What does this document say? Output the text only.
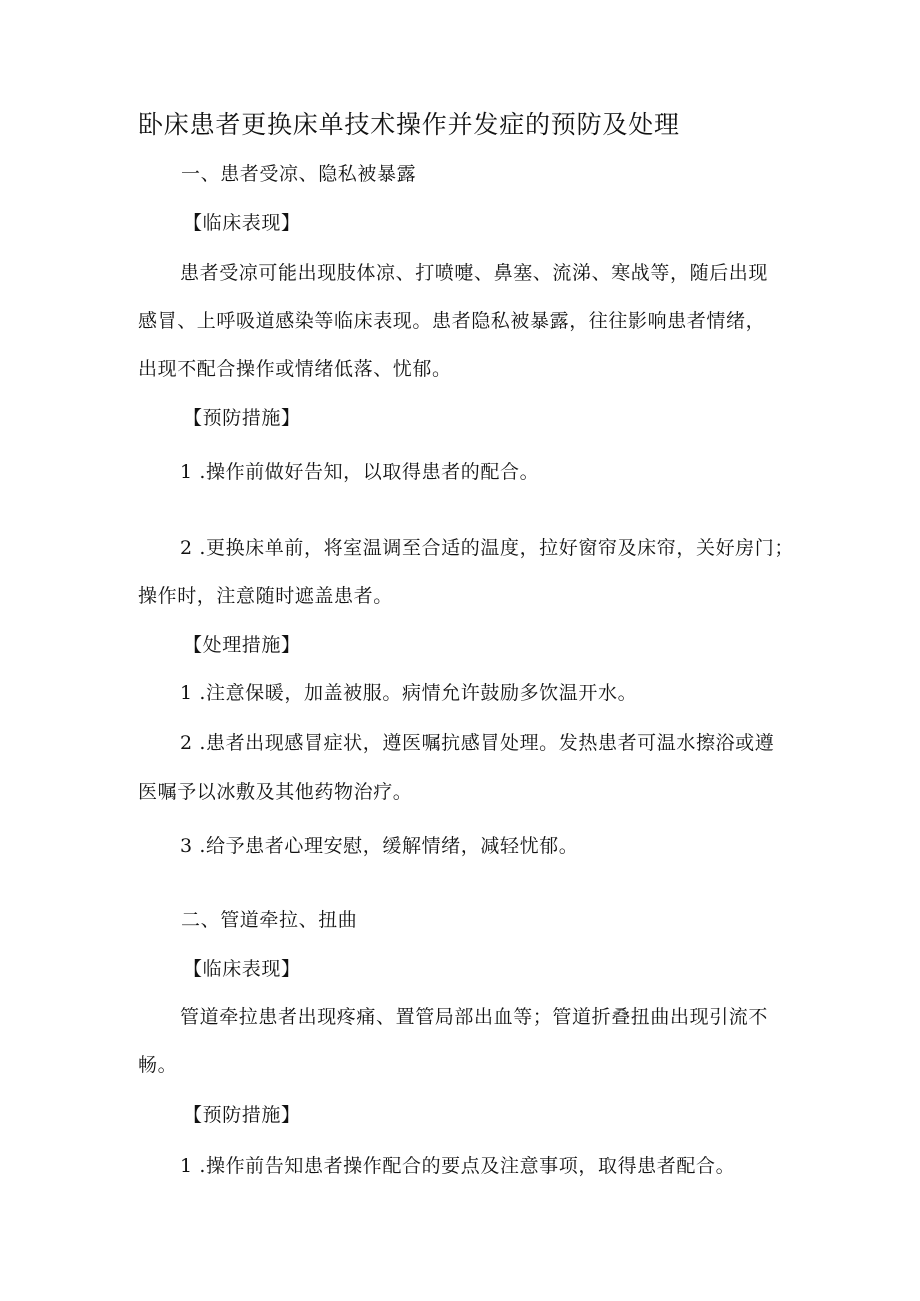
卧床患者更换床单技术操作并发症的预防及处理

一、患者受凉、隐私被暴露

【临床表现】

患者受凉可能出现肢体凉、打喷嚏、鼻塞、流涕、寒战等，随后出现

感冒、上呼吸道感染等临床表现。患者隐私被暴露，往往影响患者情绪，

出现不配合操作或情绪低落、忧郁。

【预防措施】

1 .操作前做好告知，以取得患者的配合。

2 .更换床单前，将室温调至合适的温度，拉好窗帘及床帘，关好房门；

操作时，注意随时遮盖患者。

【处理措施】

1 .注意保暖，加盖被服。病情允许鼓励多饮温开水。

2 .患者出现感冒症状，遵医嘱抗感冒处理。发热患者可温水擦浴或遵

医嘱予以冰敷及其他药物治疗。

3 .给予患者心理安慰，缓解情绪，减轻忧郁。

二、管道牵拉、扭曲

【临床表现】

管道牵拉患者出现疼痛、置管局部出血等；管道折叠扭曲出现引流不

畅。

【预防措施】

1 .操作前告知患者操作配合的要点及注意事项，取得患者配合。
